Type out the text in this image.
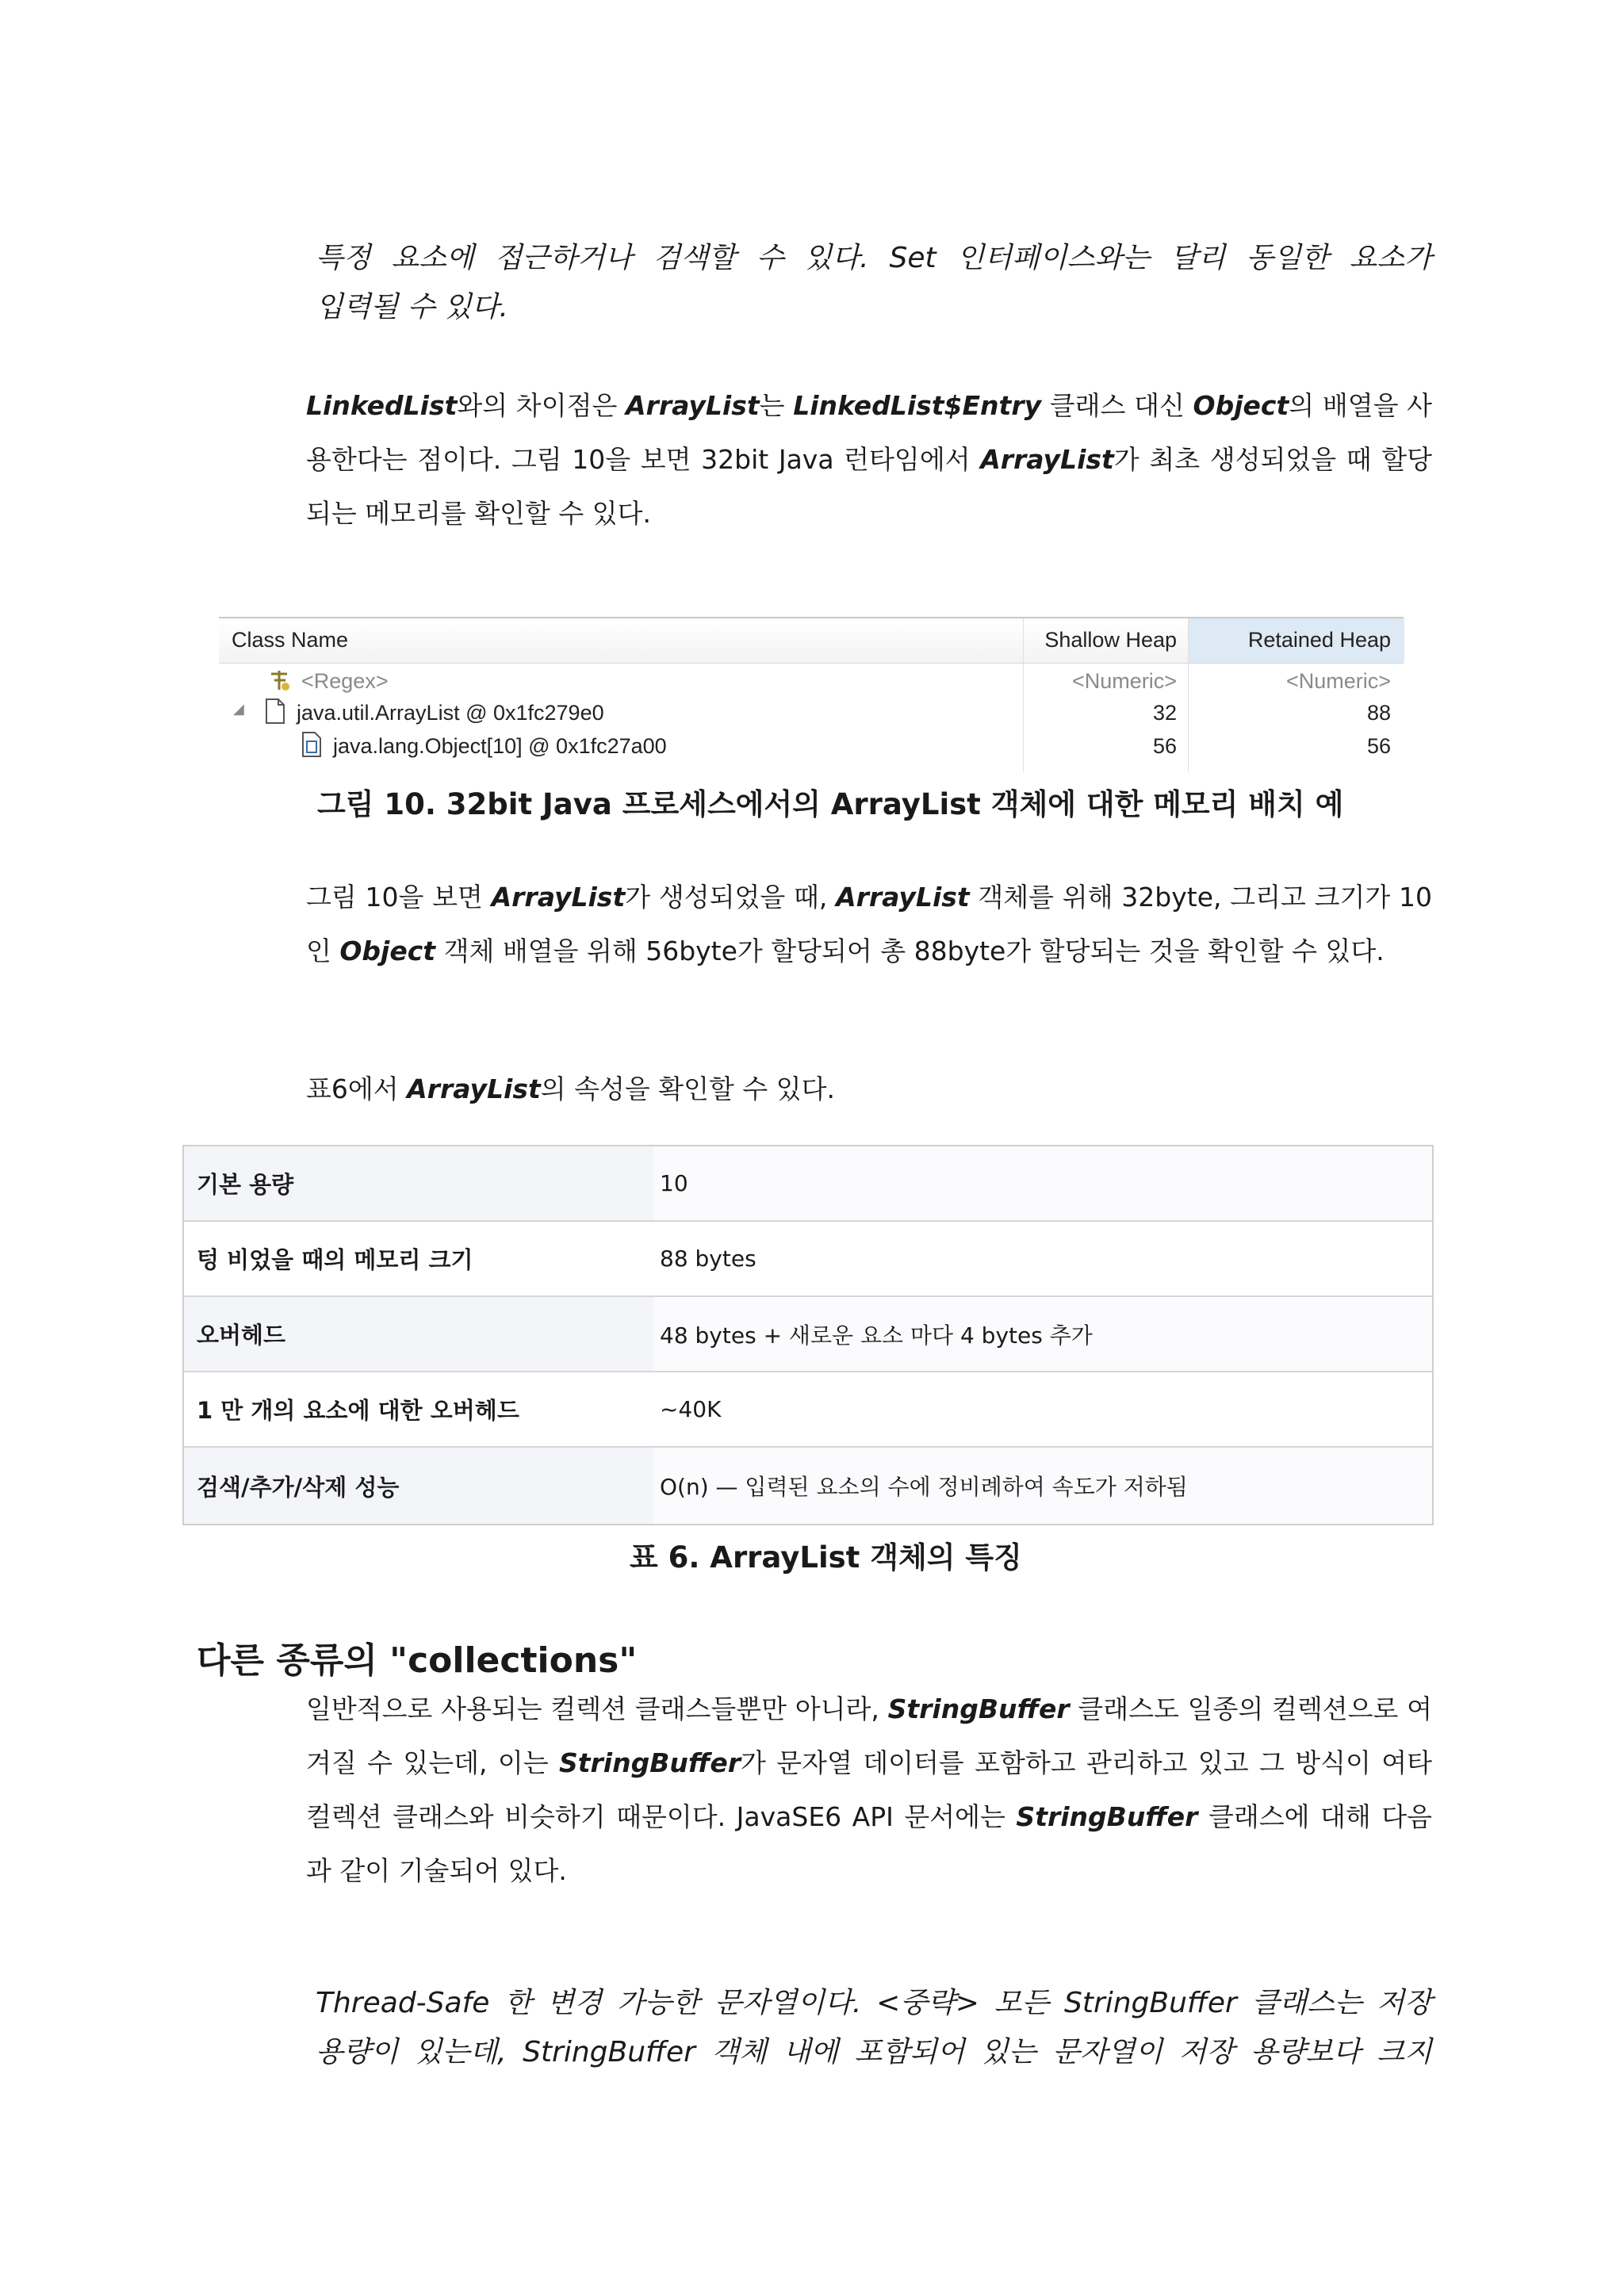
특정 요소에 접근하거나 검색할 수 있다. Set 인터페이스와는 달리 동일한 요소가
입력될 수 있다.
LinkedList와의 차이점은 ArrayList는 LinkedList$Entry 클래스 대신 Object의 배열을 사용한다는 점이다. 그림 10을 보면 32bit Java 런타임에서 ArrayList가 최초 생성되었을 때 할당되는 메모리를 확인할 수 있다.
Class Name	Shallow Heap	Retained Heap
<Regex>	<Numeric>	<Numeric>
◢ java.util.ArrayList @ 0x1fc279e0	32	88
java.lang.Object[10] @ 0x1fc27a00	56	56
그림 10. 32bit Java 프로세스에서의 ArrayList 객체에 대한 메모리 배치 예
그림 10을 보면 ArrayList가 생성되었을 때, ArrayList 객체를 위해 32byte, 그리고 크기가 10인 Object 객체 배열을 위해 56byte가 할당되어 총 88byte가 할당되는 것을 확인할 수 있다.
표6에서 ArrayList의 속성을 확인할 수 있다.
기본 용량	10
텅 비었을 때의 메모리 크기	88 bytes
오버헤드	48 bytes + 새로운 요소 마다 4 bytes 추가
1 만 개의 요소에 대한 오버헤드	~40K
검색/추가/삭제 성능	O(n) — 입력된 요소의 수에 정비례하여 속도가 저하됨
표 6. ArrayList 객체의 특징
다른 종류의 "collections"
일반적으로 사용되는 컬렉션 클래스들뿐만 아니라, StringBuffer 클래스도 일종의 컬렉션으로 여겨질 수 있는데, 이는 StringBuffer가 문자열 데이터를 포함하고 관리하고 있고 그 방식이 여타 컬렉션 클래스와 비슷하기 때문이다. JavaSE6 API 문서에는 StringBuffer 클래스에 대해 다음과 같이 기술되어 있다.
Thread-Safe 한 변경 가능한 문자열이다. <중략> 모든 StringBuffer 클래스는 저장
용량이 있는데, StringBuffer 객체 내에 포함되어 있는 문자열이 저장 용량보다 크지
